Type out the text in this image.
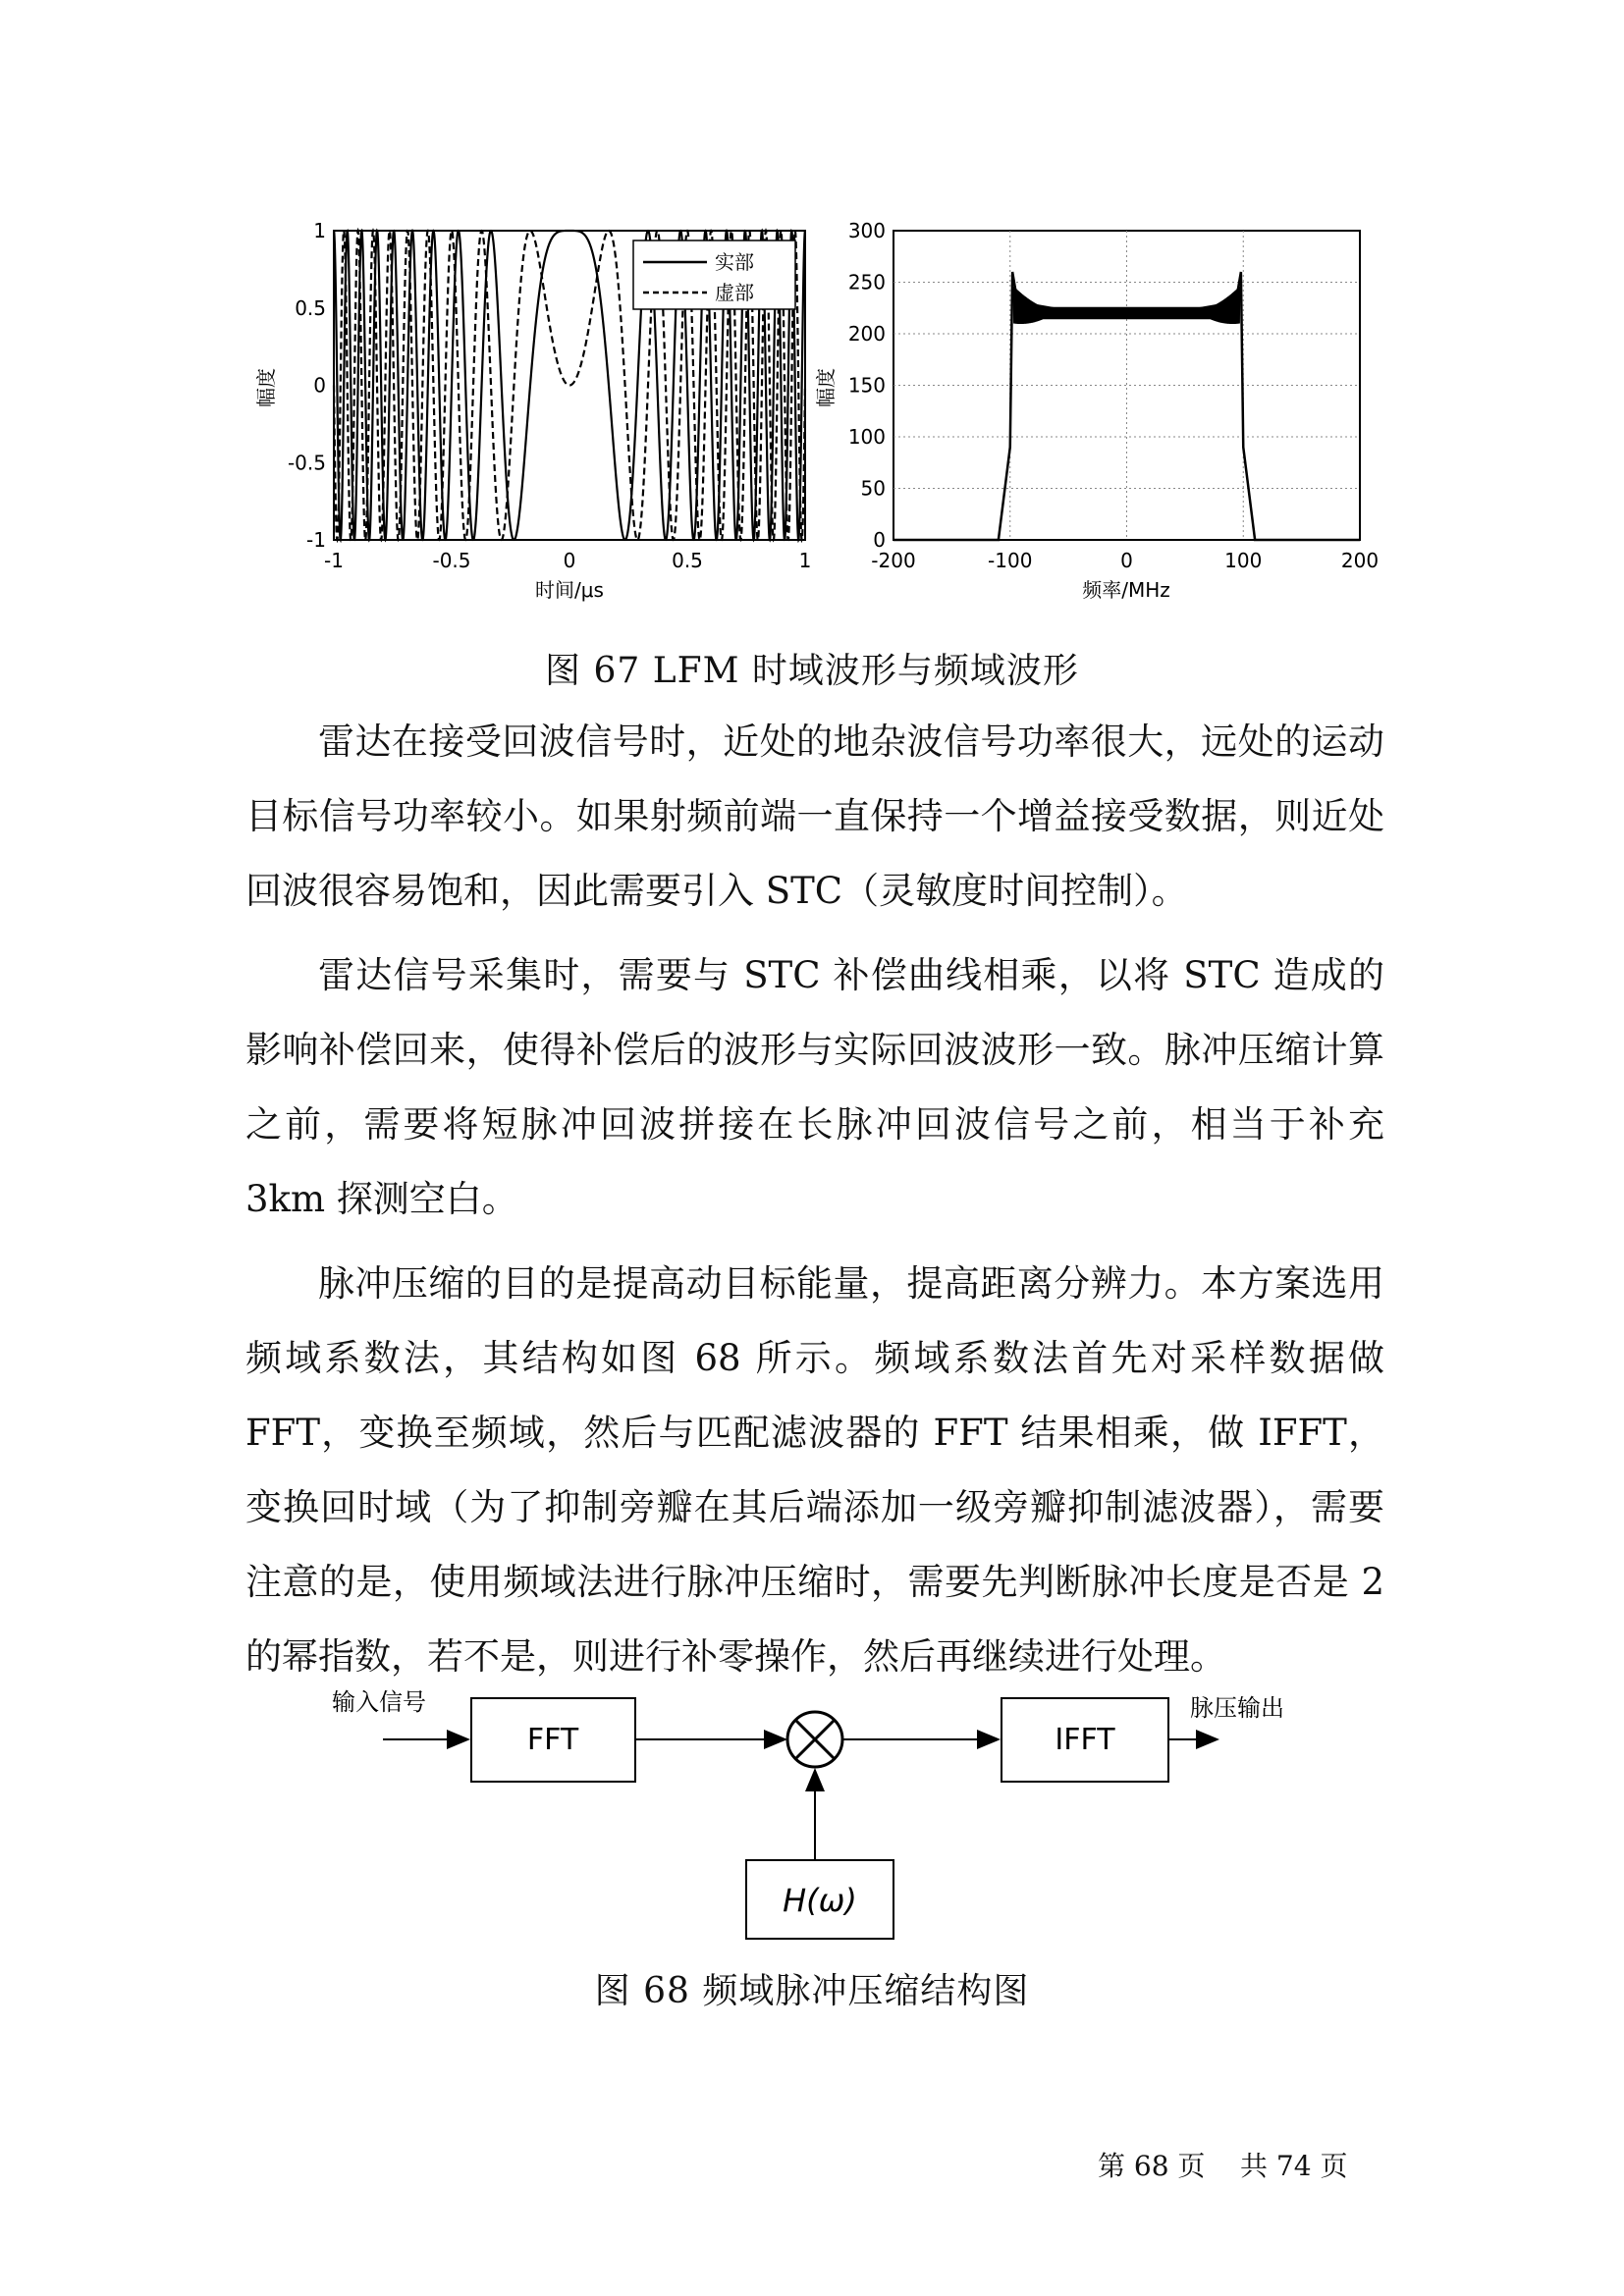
-1	-0.5	0	0.5	1
1
0.5
0
-0.5
-1
幅度
时间/μs
实部
虚部
-200	-100	0	100	200
300
250
200
150
100
50
0
幅度
频率/MHz
图 67 LFM 时域波形与频域波形

雷达在接受回波信号时，近处的地杂波信号功率很大，远处的运动目标信号功率较小。如果射频前端一直保持一个增益接受数据，则近处回波很容易饱和，因此需要引入 STC（灵敏度时间控制）。

雷达信号采集时，需要与 STC 补偿曲线相乘，以将 STC 造成的影响补偿回来，使得补偿后的波形与实际回波波形一致。脉冲压缩计算之前，需要将短脉冲回波拼接在长脉冲回波信号之前，相当于补充 3km 探测空白。

脉冲压缩的目的是提高动目标能量，提高距离分辨力。本方案选用频域系数法，其结构如图 68 所示。频域系数法首先对采样数据做 FFT，变换至频域，然后与匹配滤波器的 FFT 结果相乘，做 IFFT，变换回时域（为了抑制旁瓣在其后端添加一级旁瓣抑制滤波器），需要注意的是，使用频域法进行脉冲压缩时，需要先判断脉冲长度是否是 2 的幂指数，若不是，则进行补零操作，然后再继续进行处理。

输入信号
FFT	IFFT
脉压输出
H(ω)
图 68 频域脉冲压缩结构图
第 68 页    共 74 页
